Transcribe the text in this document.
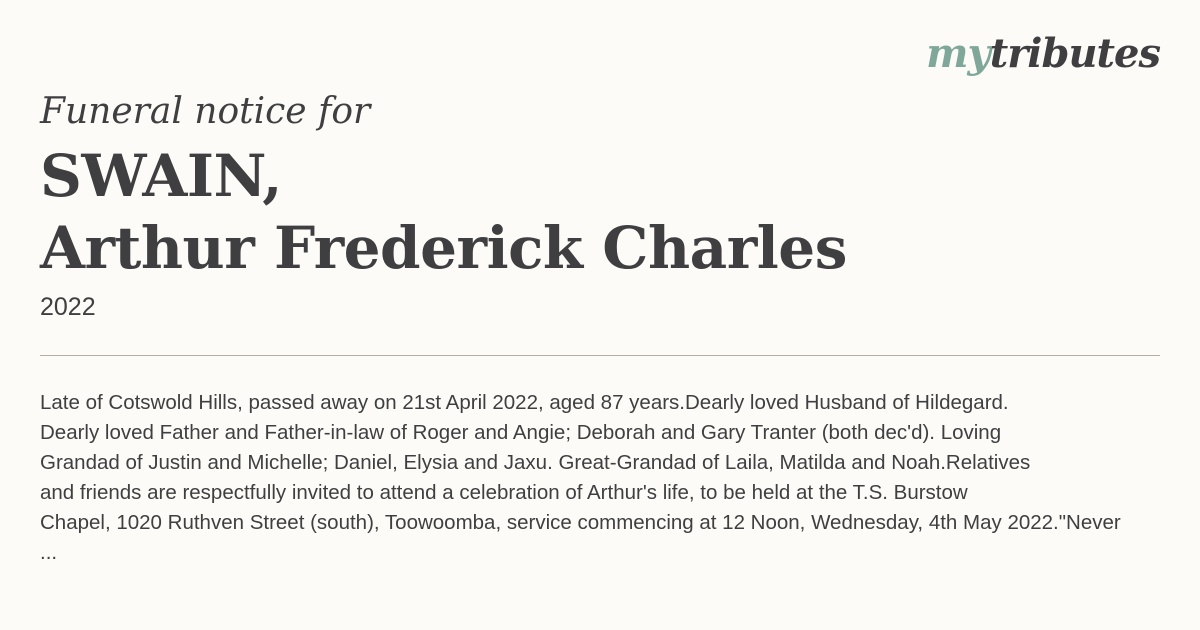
mytributes
Funeral notice for
SWAIN,
Arthur Frederick Charles
2022
Late of Cotswold Hills, passed away on 21st April 2022, aged 87 years.Dearly loved Husband of Hildegard.
Dearly loved Father and Father-in-law of Roger and Angie; Deborah and Gary Tranter (both dec'd). Loving
Grandad of Justin and Michelle; Daniel, Elysia and Jaxu. Great-Grandad of Laila, Matilda and Noah.Relatives
and friends are respectfully invited to attend a celebration of Arthur's life, to be held at the T.S. Burstow
Chapel, 1020 Ruthven Street (south), Toowoomba, service commencing at 12 Noon, Wednesday, 4th May 2022."Never
...
